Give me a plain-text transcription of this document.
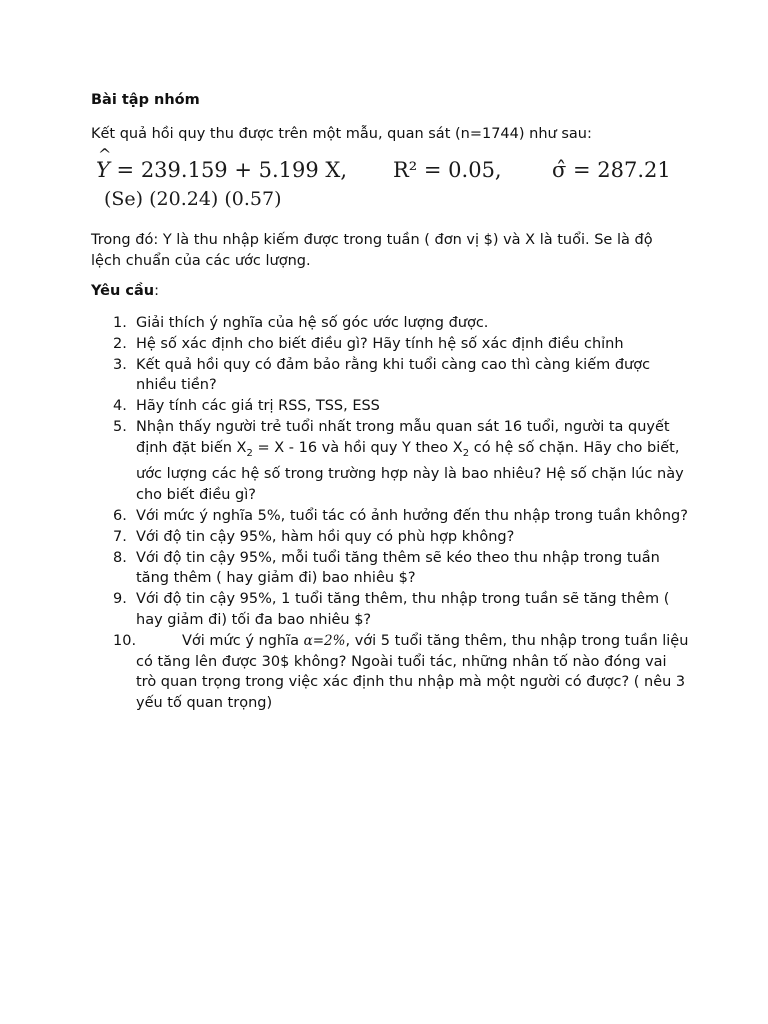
Bài tập nhóm
Kết quả hồi quy thu được trên một mẫu, quan sát (n=1744) như sau:
^ Y = 239.159 + 5.199 X, R² = 0.05, σ̂ = 287.21
(Se) (20.24) (0.57)
Trong đó: Y là thu nhập kiếm được trong tuần ( đơn vị $) và X là tuổi. Se là độ lệch chuẩn của các ước lượng.
Yêu cầu:
1. Giải thích ý nghĩa của hệ số góc ước lượng được.
2. Hệ số xác định cho biết điều gì? Hãy tính hệ số xác định điều chỉnh
3. Kết quả hồi quy có đảm bảo rằng khi tuổi càng cao thì càng kiếm được nhiều tiền?
4. Hãy tính các giá trị RSS, TSS, ESS
5. Nhận thấy người trẻ tuổi nhất trong mẫu quan sát 16 tuổi, người ta quyết định đặt biến $X_2 = X - 16$ và hồi quy Y theo $X_2$ có hệ số chặn. Hãy cho biết, ước lượng các hệ số trong trường hợp này là bao nhiêu? Hệ số chặn lúc này cho biết điều gì?
6. Với mức ý nghĩa 5%, tuổi tác có ảnh hưởng đến thu nhập trong tuần không?
7. Với độ tin cậy 95%, hàm hồi quy có phù hợp không?
8. Với độ tin cậy 95%, mỗi tuổi tăng thêm sẽ kéo theo thu nhập trong tuần tăng thêm ( hay giảm đi) bao nhiêu $?
9. Với độ tin cậy 95%, 1 tuổi tăng thêm, thu nhập trong tuần sẽ tăng thêm ( hay giảm đi) tối đa bao nhiêu $?
10.	Với mức ý nghĩa α=2%, với 5 tuổi tăng thêm, thu nhập trong tuần liệu có tăng lên được 30$ không? Ngoài tuổi tác, những nhân tố nào đóng vai trò quan trọng trong việc xác định thu nhập mà một người có được? ( nêu 3 yếu tố quan trọng)
